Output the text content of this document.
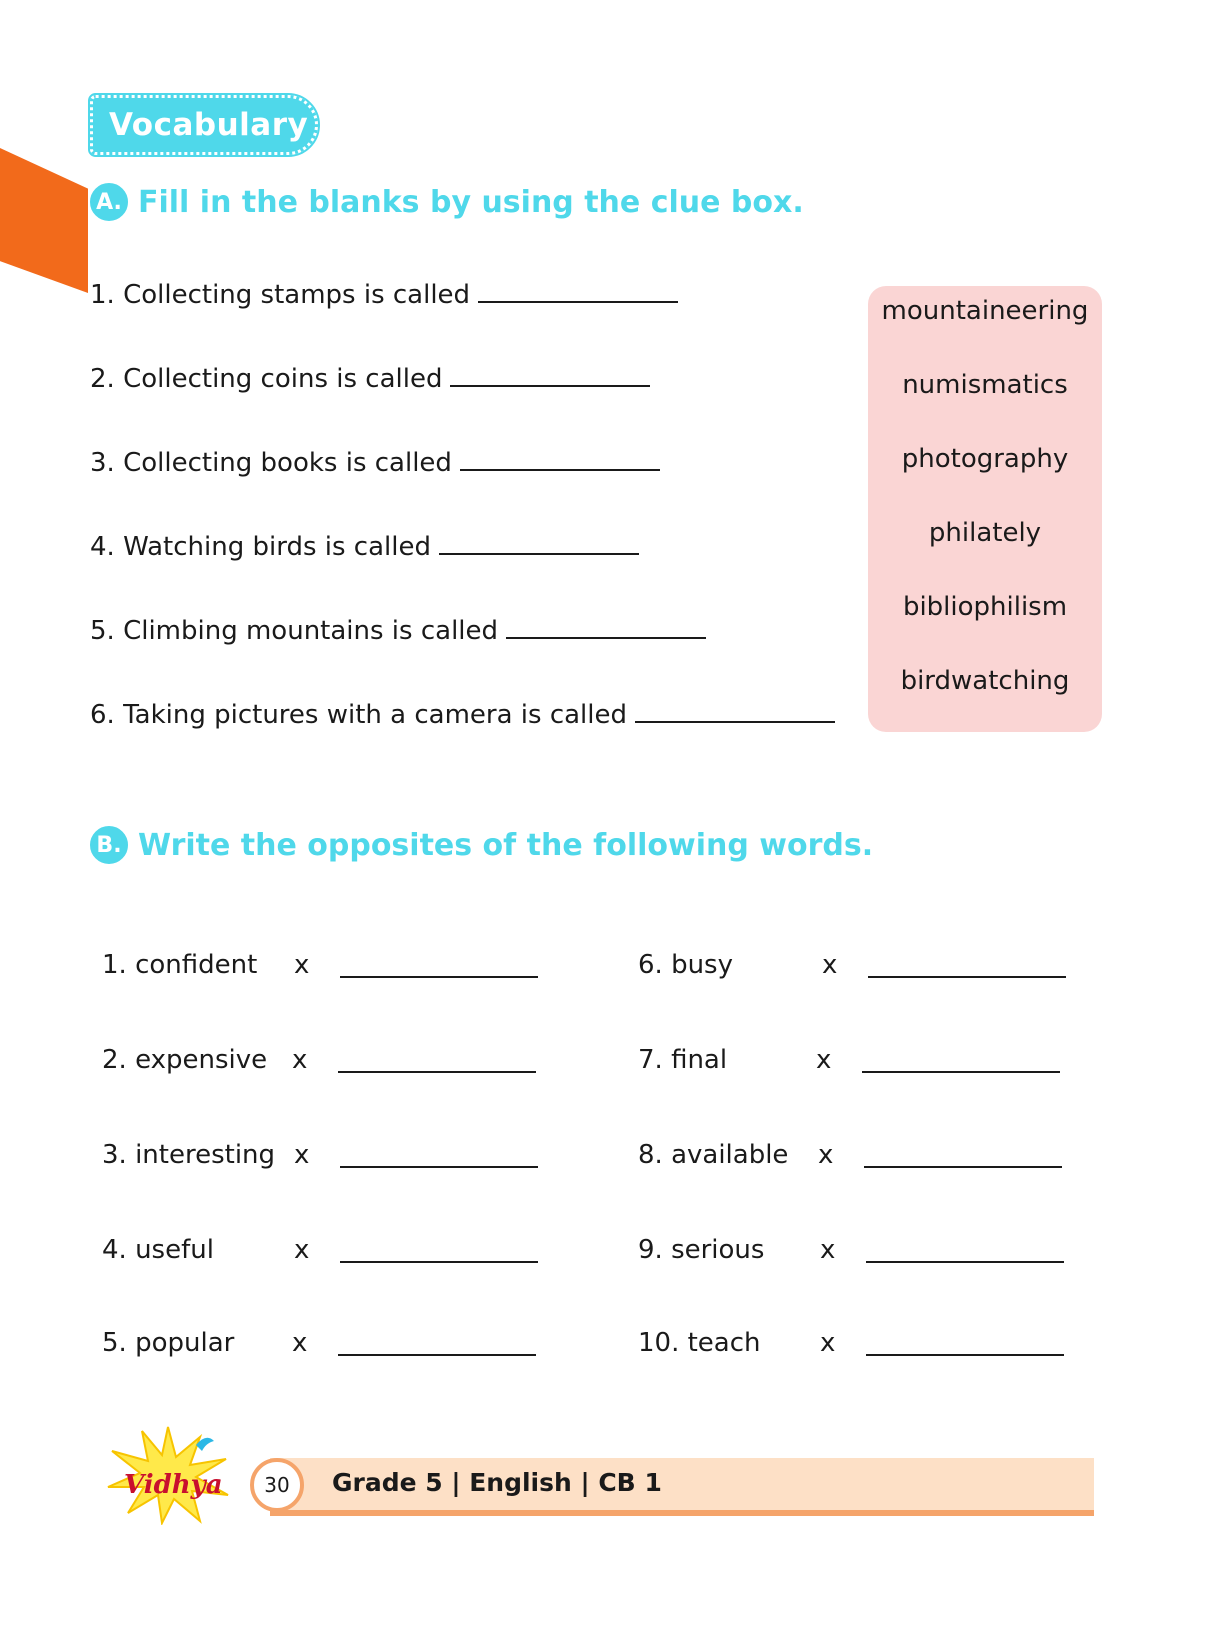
Vocabulary
A. Fill in the blanks by using the clue box.
1. Collecting stamps is called
2. Collecting coins is called
3. Collecting books is called
4. Watching birds is called
5. Climbing mountains is called
6. Taking pictures with a camera is called
mountaineering
numismatics
photography
philately
bibliophilism
birdwatching
B. Write the opposites of the following words.
1. confident x
2. expensive x
3. interesting x
4. useful	x
5. popular x
6. busy	x
7. final	x
8. available x
9. serious x
10. teach x
Vidhya	30	Grade 5 | English | CB 1
